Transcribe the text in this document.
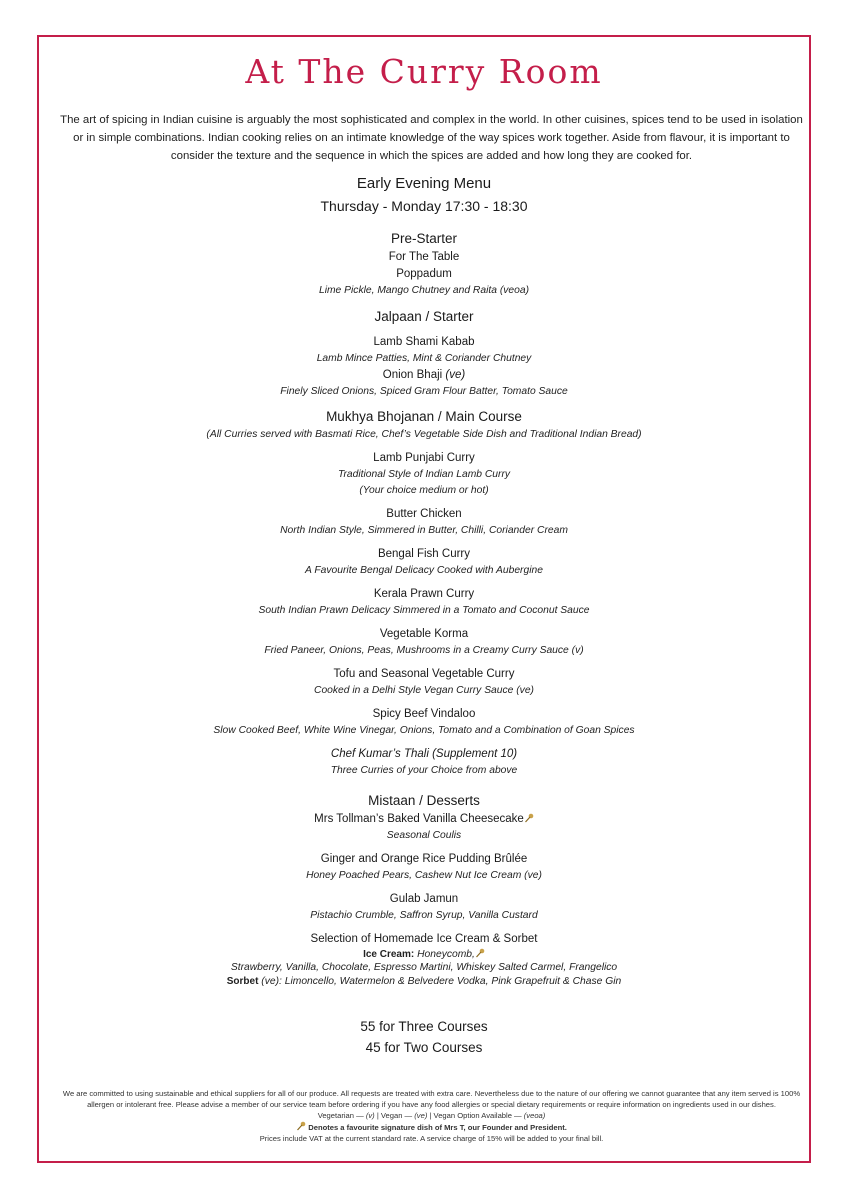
At The Curry Room
The art of spicing in Indian cuisine is arguably the most sophisticated and complex in the world. In other cuisines, spices tend to be used in isolation or in simple combinations. Indian cooking relies on an intimate knowledge of the way spices work together. Aside from flavour, it is important to consider the texture and the sequence in which the spices are added and how long they are cooked for.

Early Evening Menu

Thursday - Monday 17:30 - 18:30

Pre-Starter

For The Table

Poppadum

Lime Pickle, Mango Chutney and Raita (veoa)

Jalpaan / Starter

Lamb Shami Kabab

Lamb Mince Patties, Mint & Coriander Chutney

Onion Bhaji (ve)

Finely Sliced Onions, Spiced Gram Flour Batter, Tomato Sauce

Mukhya Bhojanan / Main Course

(All Curries served with Basmati Rice, Chef’s Vegetable Side Dish and Traditional Indian Bread)

Lamb Punjabi Curry

Traditional Style of Indian Lamb Curry

(Your choice medium or hot)

Butter Chicken

North Indian Style, Simmered in Butter, Chilli, Coriander Cream

Bengal Fish Curry

A Favourite Bengal Delicacy Cooked with Aubergine

Kerala Prawn Curry

South Indian Prawn Delicacy Simmered in a Tomato and Coconut Sauce

Vegetable Korma

Fried Paneer, Onions, Peas, Mushrooms in a Creamy Curry Sauce (v)

Tofu and Seasonal Vegetable Curry

Cooked in a Delhi Style Vegan Curry Sauce (ve)

Spicy Beef Vindaloo

Slow Cooked Beef, White Wine Vinegar, Onions, Tomato and a Combination of Goan Spices

Chef Kumar’s Thali (Supplement 10)

Three Curries of your Choice from above

Mistaan / Desserts

Mrs Tollman’s Baked Vanilla Cheesecake

Seasonal Coulis

Ginger and Orange Rice Pudding Brûlée

Honey Poached Pears, Cashew Nut Ice Cream (ve)

Gulab Jamun

Pistachio Crumble, Saffron Syrup, Vanilla Custard

Selection of Homemade Ice Cream & Sorbet

Ice Cream: Honeycomb,

Strawberry, Vanilla, Chocolate, Espresso Martini, Whiskey Salted Carmel, Frangelico

Sorbet (ve): Limoncello, Watermelon & Belvedere Vodka, Pink Grapefruit & Chase Gin

55 for Three Courses

45 for Two Courses

We are committed to using sustainable and ethical suppliers for all of our produce. All requests are treated with extra care. Nevertheless due to the nature of our offering we cannot guarantee that any item served is 100% allergen or intolerant free. Please advise a member of our service team before ordering if you have any food allergies or special dietary requirements or require information on ingredients used in our dishes.
Vegetarian — (v) | Vegan — (ve) | Vegan Option Available — (veoa)
Denotes a favourite signature dish of Mrs T, our Founder and President.
Prices include VAT at the current standard rate. A service charge of 15% will be added to your final bill.
